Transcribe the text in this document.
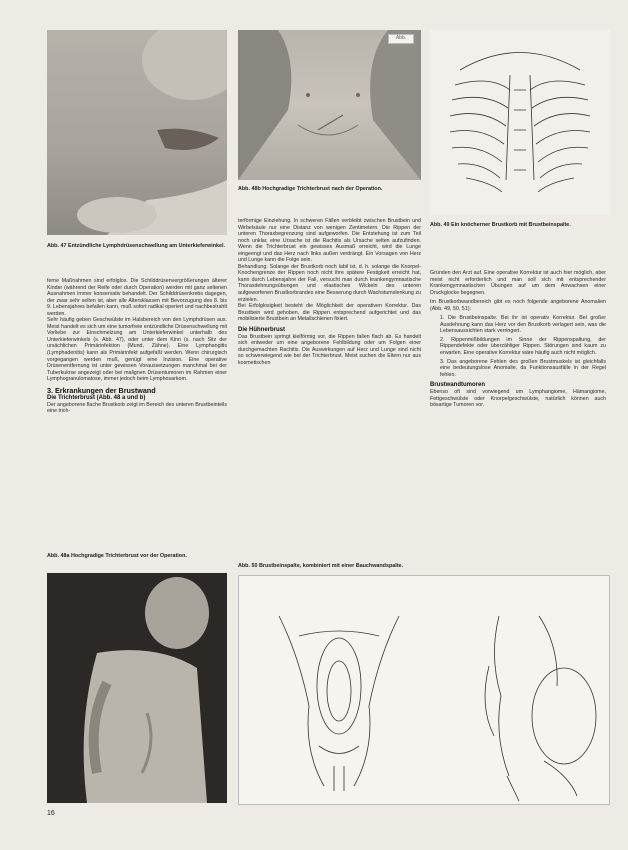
Abb. 47 Entzündliche Lymphdrüsenschwellung am Unterkieferwinkel.
Abb.
Abb. 48b Hochgradige Trichterbrust nach der Operation.
Abb. 49 Ein knöcherner Brustkorb mit Brustbeinspalte.

ferne Maßnahmen sind erfolglos. Die Schilddrüsenvergrößerungen älterer Kinder (während der Reife oder durch Operation) werden mit ganz seltenen Ausnahmen immer konservativ behandelt. Der Schilddrüsenkrebs dagegen, der zwar sehr selten ist, aber alle Altersklassen mit Bevorzugung des 8. bis 9. Lebensjahres befallen kann, muß sofort radikal operiert und nachbestrahlt werden.

Sehr häufig geben Geschwülste im Halsbereich von den Lymphdrüsen aus. Meist handelt es sich um eine tumorfreie entzündliche Drüsenschwellung mit Vorliebe zur Einschmelzung am Unterkieferwinkel unterhalb des Unterkieferwinkels (s. Abb. 47), oder unter dem Kinn (s. nach Sitz der ursächlichen Primärinfektion (Mund, Zähne). Eine Lymphangitis (Lymphadenitis) kann als Primärinfekt aufgefaßt werden. Wenn chirurgisch vorgegangen werden muß, genügt eine Inzision. Eine operative Drüsenentfernung ist unter gewissen Voraussetzungen manchmal bei der Tuberkulose angezeigt oder bei malignen Drüsentumoren im Rahmen einer Lymphogranulomatose, immer jedoch beim Lymphosarkom.

3. Erkrankungen der Brustwand
Die Trichterbrust (Abb. 48 a und b)

Der angeborene flache Brustkorb zeigt im Bereich des unteren Brustbeinteils eine trich-

terförmige Einziehung. In schweren Fällen verbleibt zwischen Brustbein und Wirbelsäule nur eine Distanz von wenigen Zentimetern. Die Rippen der unteren Thoraxbegrenzung sind aufgeworfen. Die Entstehung ist zum Teil noch unklar, eine Ursache ist die Rachitis als Ursache selten aufzufinden. Wenn die Trichterbrust ein gewisses Ausmaß erreicht, wird die Lunge eingeengt und das Herz nach links außen verdrängt. Ein Vorsagen von Herz und Lunge kann die Folge sein.

Behandlung: Solange der Brustkorb noch labil ist, d. h. solange die Knorpel-Knochengrenze der Rippen noch nicht ihre spätere Festigkeit erreicht hat, kann durch Lebensjahre der Fall, versucht man durch krankengymnastische Thoraxdehnungsübungen und elastisches Wickeln des unteren aufgeworfenen Brustkorbrandes eine Besserung durch Wachstumslenkung zu erzielen.

Bei Erfolglosigkeit besteht die Möglichkeit der operativen Korrektur. Das Brustbein wird gehoben, die Rippen entsprechend aufgerichtet und das mobilisierte Brustbein an Metallschienen fixiert.

Die Hühnerbrust

Das Brustbein springt kielförmig vor, die Rippen fallen flach ab. Es handelt sich entweder um eine angeborene Fehlbildung oder um Folgen einer durchgemachten Rachitis. Die Auswirkungen auf Herz und Lunge sind nicht so schwerwiegend wie bei der Trichterbrust. Meist suchen die Eltern nur aus kosmetischen

Gründen den Arzt auf. Eine operative Korrektur ist auch hier möglich, aber meist nicht erforderlich und man soll sich mit entsprechender Krankengymnastischen Übungen auf um dem Anwachsen einer Druckglocke begegnen.

Im Brustkorbwandbereich gibt es noch folgende angeborene Anomalien (Abb. 49, 50, 51):

1. Die Brustbeinspalte. Bei ihr ist operativ Korrektur. Bei großer Ausdehnung kann das Herz vor den Brustkorb verlagert sein, was die Lebensaussichten stark verringert.
2. Rippenmißbildungen im Sinne der Rippenspaltung, der Rippendefekte oder überzähliger Rippen. Störungen sind kaum zu erwarten. Eine operative Korrektur wäre häufig auch nicht möglich.
3. Das angeborene Fehlen des großen Brustmuskels ist gleichfalls eine bedeutungslose Anomalie, da Funktionsausfälle in der Regel fehlen.
Brustwandtumoren

Ebenso oft sind vorwiegend um Lymphangiome, Hämangiome, Fettgeschwülste oder Knorpelgeschwülste, natürlich können auch bösartige Tumoren vor.

Abb. 48a Hochgradige Trichterbrust vor der Operation.
Abb. 50 Brustbeinspalte, kombiniert mit einer Bauchwandspalte.
16
